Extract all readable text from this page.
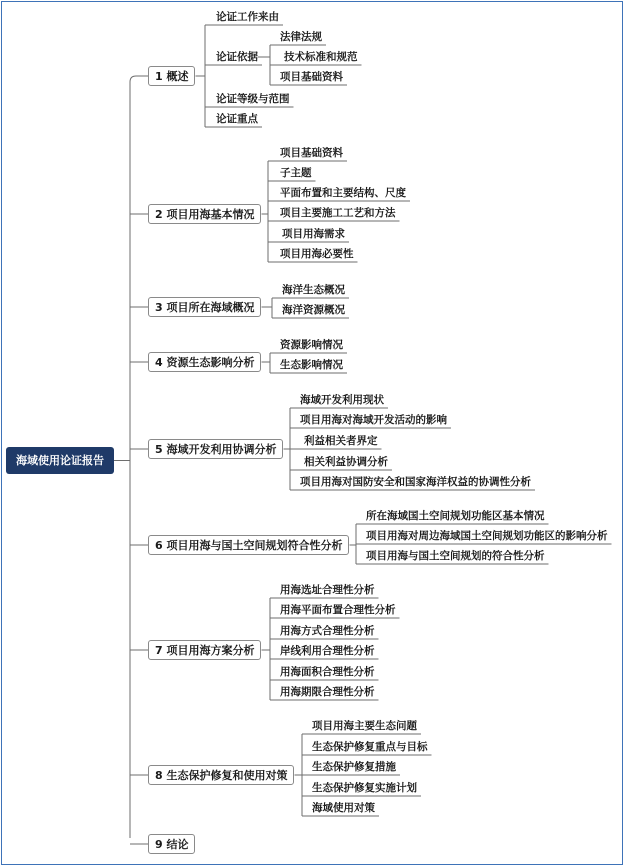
海域使用论证报告
1 概述
论证工作来由
论证依据
法律法规
技术标准和规范
项目基础资料
论证等级与范围
论证重点
2 项目用海基本情况
项目基础资料
子主题
平面布置和主要结构、尺度
项目主要施工工艺和方法
项目用海需求
项目用海必要性
3 项目所在海域概况
海洋生态概况
海洋资源概况
4 资源生态影响分析
资源影响情况
生态影响情况
5 海域开发利用协调分析
海域开发利用现状
项目用海对海域开发活动的影响
利益相关者界定
相关利益协调分析
项目用海对国防安全和国家海洋权益的协调性分析
6 项目用海与国土空间规划符合性分析
所在海域国土空间规划功能区基本情况
项目用海对周边海域国土空间规划功能区的影响分析
项目用海与国土空间规划的符合性分析
7 项目用海方案分析
用海选址合理性分析
用海平面布置合理性分析
用海方式合理性分析
岸线利用合理性分析
用海面积合理性分析
用海期限合理性分析
8 生态保护修复和使用对策
项目用海主要生态问题
生态保护修复重点与目标
生态保护修复措施
生态保护修复实施计划
海域使用对策
9 结论
